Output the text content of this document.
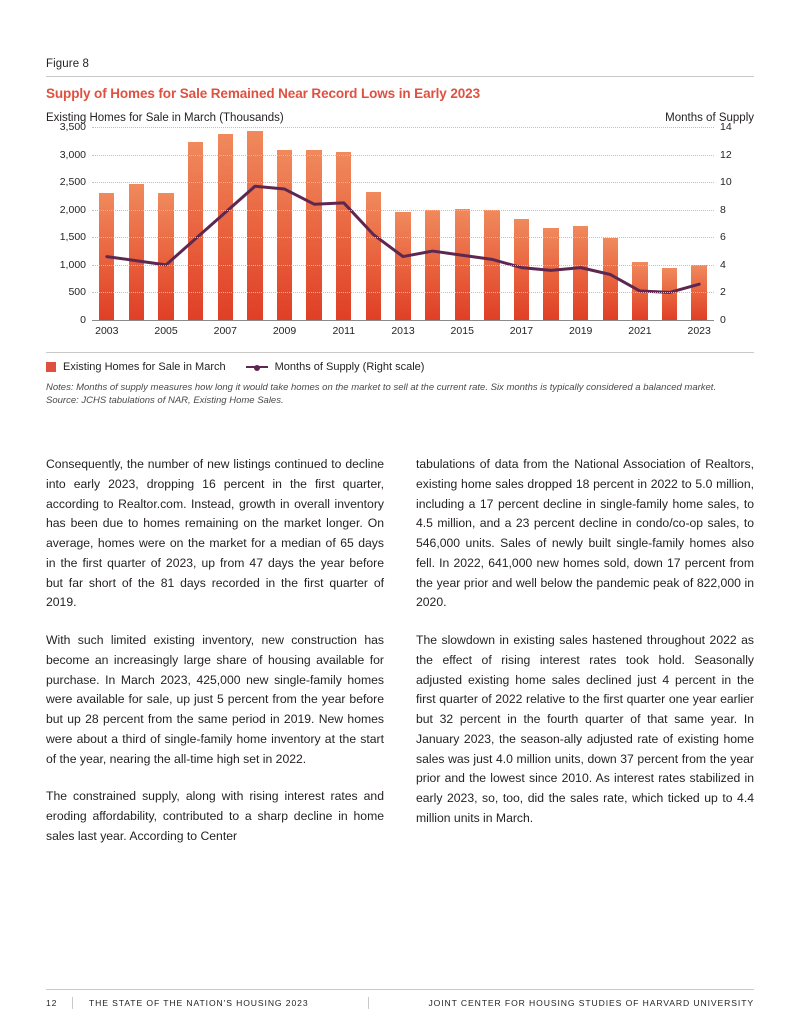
Figure 8
Supply of Homes for Sale Remained Near Record Lows in Early 2023
Existing Homes for Sale in March (Thousands)	Months of Supply
0
500
1,000
1,500
2,000
2,500
3,000
3,500
0
2
4
6
8
10
12
14
2003	2005	2007	2009	2011	2013	2015	2017	2019	2021	2023
Existing Homes for Sale in March	Months of Supply (Right scale)
Notes: Months of supply measures how long it would take homes on the market to sell at the current rate. Six months is typically considered a balanced market.
Source: JCHS tabulations of NAR, Existing Home Sales.

Consequently, the number of new listings continued to decline into early 2023, dropping 16 percent in the first quarter, according to Realtor.com. Instead, growth in overall inventory has been due to homes remaining on the market longer. On average, homes were on the market for a median of 65 days in the first quarter of 2023, up from 47 days the year before but far short of the 81 days recorded in the first quarter of 2019.

With such limited existing inventory, new construction has become an increasingly large share of housing available for purchase. In March 2023, 425,000 new single-family homes were available for sale, up just 5 percent from the year before but up 28 percent from the same period in 2019. New homes were about a third of single-family home inventory at the start of the year, nearing the all-time high set in 2022.

The constrained supply, along with rising interest rates and eroding affordability, contributed to a sharp decline in home sales last year. According to Center

tabulations of data from the National Association of Realtors, existing home sales dropped 18 percent in 2022 to 5.0 million, including a 17 percent decline in single-family home sales, to 4.5 million, and a 23 percent decline in condo/co-op sales, to 546,000 units. Sales of newly built single-family homes also fell. In 2022, 641,000 new homes sold, down 17 percent from the year prior and well below the pandemic peak of 822,000 in 2020.

The slowdown in existing sales hastened throughout 2022 as the effect of rising interest rates took hold. Seasonally adjusted existing home sales declined just 4 percent in the first quarter of 2022 relative to the first quarter one year earlier but 32 percent in the fourth quarter of that same year. In January 2023, the season-ally adjusted rate of existing home sales was just 4.0 million units, down 37 percent from the year prior and the lowest since 2010. As interest rates stabilized in early 2023, so, too, did the sales rate, which ticked up to 4.4 million units in March.

12	THE STATE OF THE NATION'S HOUSING 2023	JOINT CENTER FOR HOUSING STUDIES OF HARVARD UNIVERSITY
